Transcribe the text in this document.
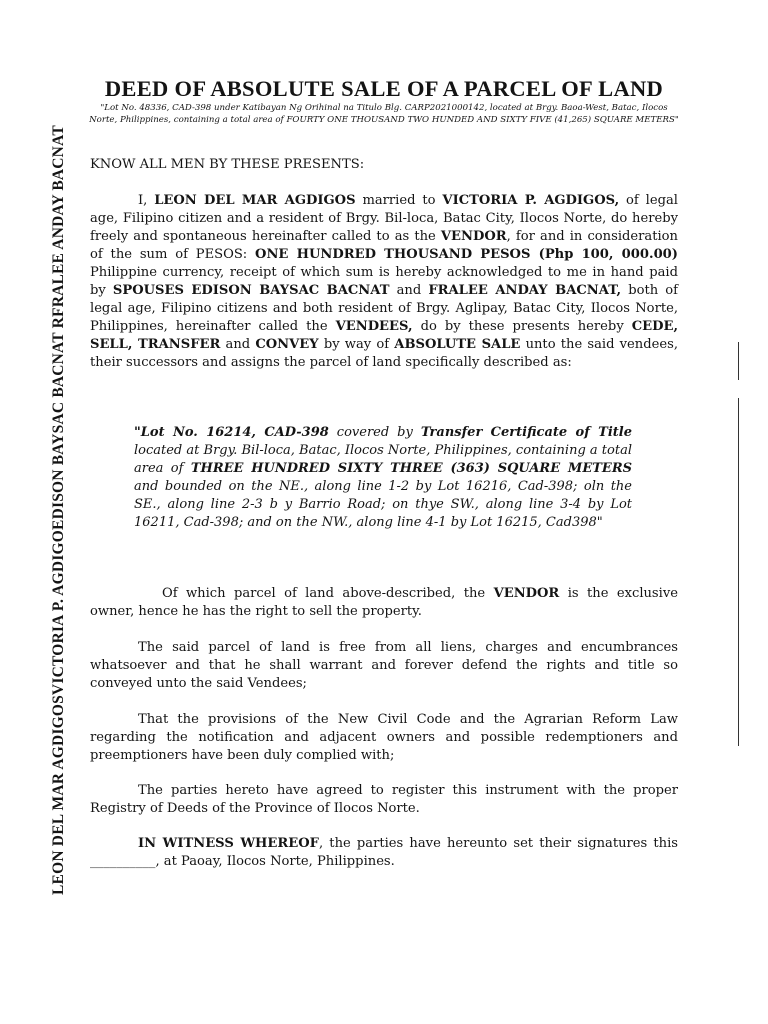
LEON DEL MAR AGDIGOSVICTORIA P. AGDIGOEDISON BAYSAC BACNAT RFRALEE ANDAY BACNAT
DEED OF ABSOLUTE SALE OF A PARCEL OF LAND
"Lot No. 48336, CAD-398 under Katibayan Ng Orihinal na Titulo Blg. CARP2021000142, located at Brgy. Baoa-West, Batac, Ilocos Norte, Philippines, containing a total area of FOURTY ONE THOUSAND TWO HUNDED AND SIXTY FIVE (41,265) SQUARE METERS"
KNOW ALL MEN BY THESE PRESENTS:
I, LEON DEL MAR AGDIGOS married to VICTORIA P. AGDIGOS, of legal age, Filipino citizen and a resident of Brgy. Bil-loca, Batac City, Ilocos Norte, do hereby freely and spontaneous hereinafter called to as the VENDOR, for and in consideration of the sum of PESOS: ONE HUNDRED THOUSAND PESOS (Php 100, 000.00) Philippine currency, receipt of which sum is hereby acknowledged to me in hand paid by SPOUSES EDISON BAYSAC BACNAT and FRALEE ANDAY BACNAT, both of legal age, Filipino citizens and both resident of Brgy. Aglipay, Batac City, Ilocos Norte, Philippines, hereinafter called the VENDEES, do by these presents hereby CEDE, SELL, TRANSFER and CONVEY by way of ABSOLUTE SALE unto the said vendees, their successors and assigns the parcel of land specifically described as:
"Lot No. 16214, CAD-398 covered by Transfer Certificate of Title located at Brgy. Bil-loca, Batac, Ilocos Norte, Philippines, containing a total area of THREE HUNDRED SIXTY THREE (363) SQUARE METERS and bounded on the NE., along line 1-2 by Lot 16216, Cad-398; oln the SE., along line 2-3 b y Barrio Road; on thye SW., along line 3-4 by Lot 16211, Cad-398; and on the NW., along line 4-1 by Lot 16215, Cad398"
Of which parcel of land above-described, the VENDOR is the exclusive owner, hence he has the right to sell the property.
The said parcel of land is free from all liens, charges and encumbrances whatsoever and that he shall warrant and forever defend the rights and title so conveyed unto the said Vendees;
That the provisions of the New Civil Code and the Agrarian Reform Law regarding the notification and adjacent owners and possible redemptioners and preemptioners have been duly complied with;
The parties hereto have agreed to register this instrument with the proper Registry of Deeds of the Province of Ilocos Norte.
IN WITNESS WHEREOF, the parties have hereunto set their signatures this __________, at Paoay, Ilocos Norte, Philippines.
